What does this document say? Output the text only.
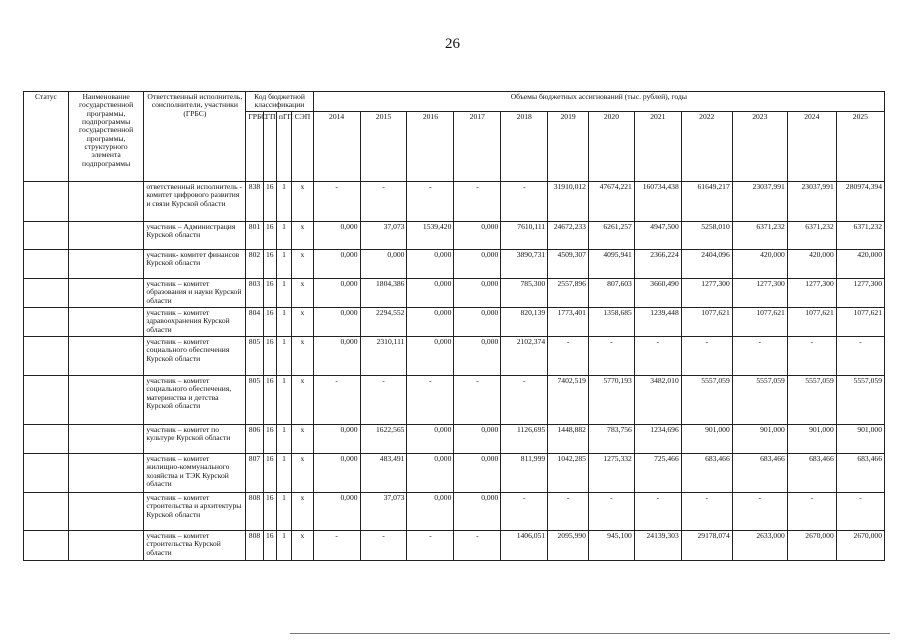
26
Статус	Наименование государственной программы, подпрограммы государственной программы, структурного элемента подпрограммы	Ответственный исполнитель, соисполнители, участники (ГРБС)	Код бюджетной классификации				Объемы бюджетных ассигнований (тыс. рублей), годы											
			ГРБС	ГП	пГП	СЭП	2014	2015	2016	2017	2018	2019	2020	2021	2022	2023	2024	2025

		ответственный исполнитель - комитет цифрового развития и связи Курской области	838	16	1	x	-	-	-	-	-	31910,012	47674,221	160734,438	61649,217	23037,991	23037,991	280974,394
		участник – Администрация Курской области	801	16	1	x	0,000	37,073	1539,420	0,000	7610,111	24672,233	6261,257	4947,500	5258,010	6371,232	6371,232	6371,232
		участник- комитет финансов Курской области	802	16	1	x	0,000	0,000	0,000	0,000	3890,731	4509,307	4095,941	2366,224	2404,096	420,000	420,000	420,000
		участник – комитет образования и науки Курской области	803	16	1	x	0,000	1804,386	0,000	0,000	785,300	2557,896	807,603	3660,490	1277,300	1277,300	1277,300	1277,300
		участник – комитет здравоохранения Курской области	804	16	1	x	0,000	2294,552	0,000	0,000	820,139	1773,401	1358,685	1239,448	1077,621	1077,621	1077,621	1077,621
		участник – комитет социального обеспечения Курской области	805	16	1	x	0,000	2310,111	0,000	0,000	2102,374	-	-	-	-	-	-	-
		участник – комитет социального обеспечения, материнства и детства Курской области	805	16	1	x	-	-	-	-	-	7402,519	5770,193	3482,010	5557,059	5557,059	5557,059	5557,059
		участник – комитет по культуре Курской области	806	16	1	x	0,000	1622,565	0,000	0,000	1126,695	1448,882	783,756	1234,696	901,000	901,000	901,000	901,000
		участник – комитет жилищно-коммунального хозяйства и ТЭК Курской области	807	16	1	x	0,000	483,491	0,000	0,000	811,999	1042,285	1275,332	725,466	683,466	683,466	683,466	683,466
		участник – комитет строительства и архитектуры Курской области	808	16	1	x	0,000	37,073	0,000	0,000	-	-	-	-	-	-	-	-
		участник – комитет строительства Курской области	808	16	1	x	-	-	-	-	1406,051	2095,990	945,100	24139,303	29178,074	2633,000	2670,000	2670,000
